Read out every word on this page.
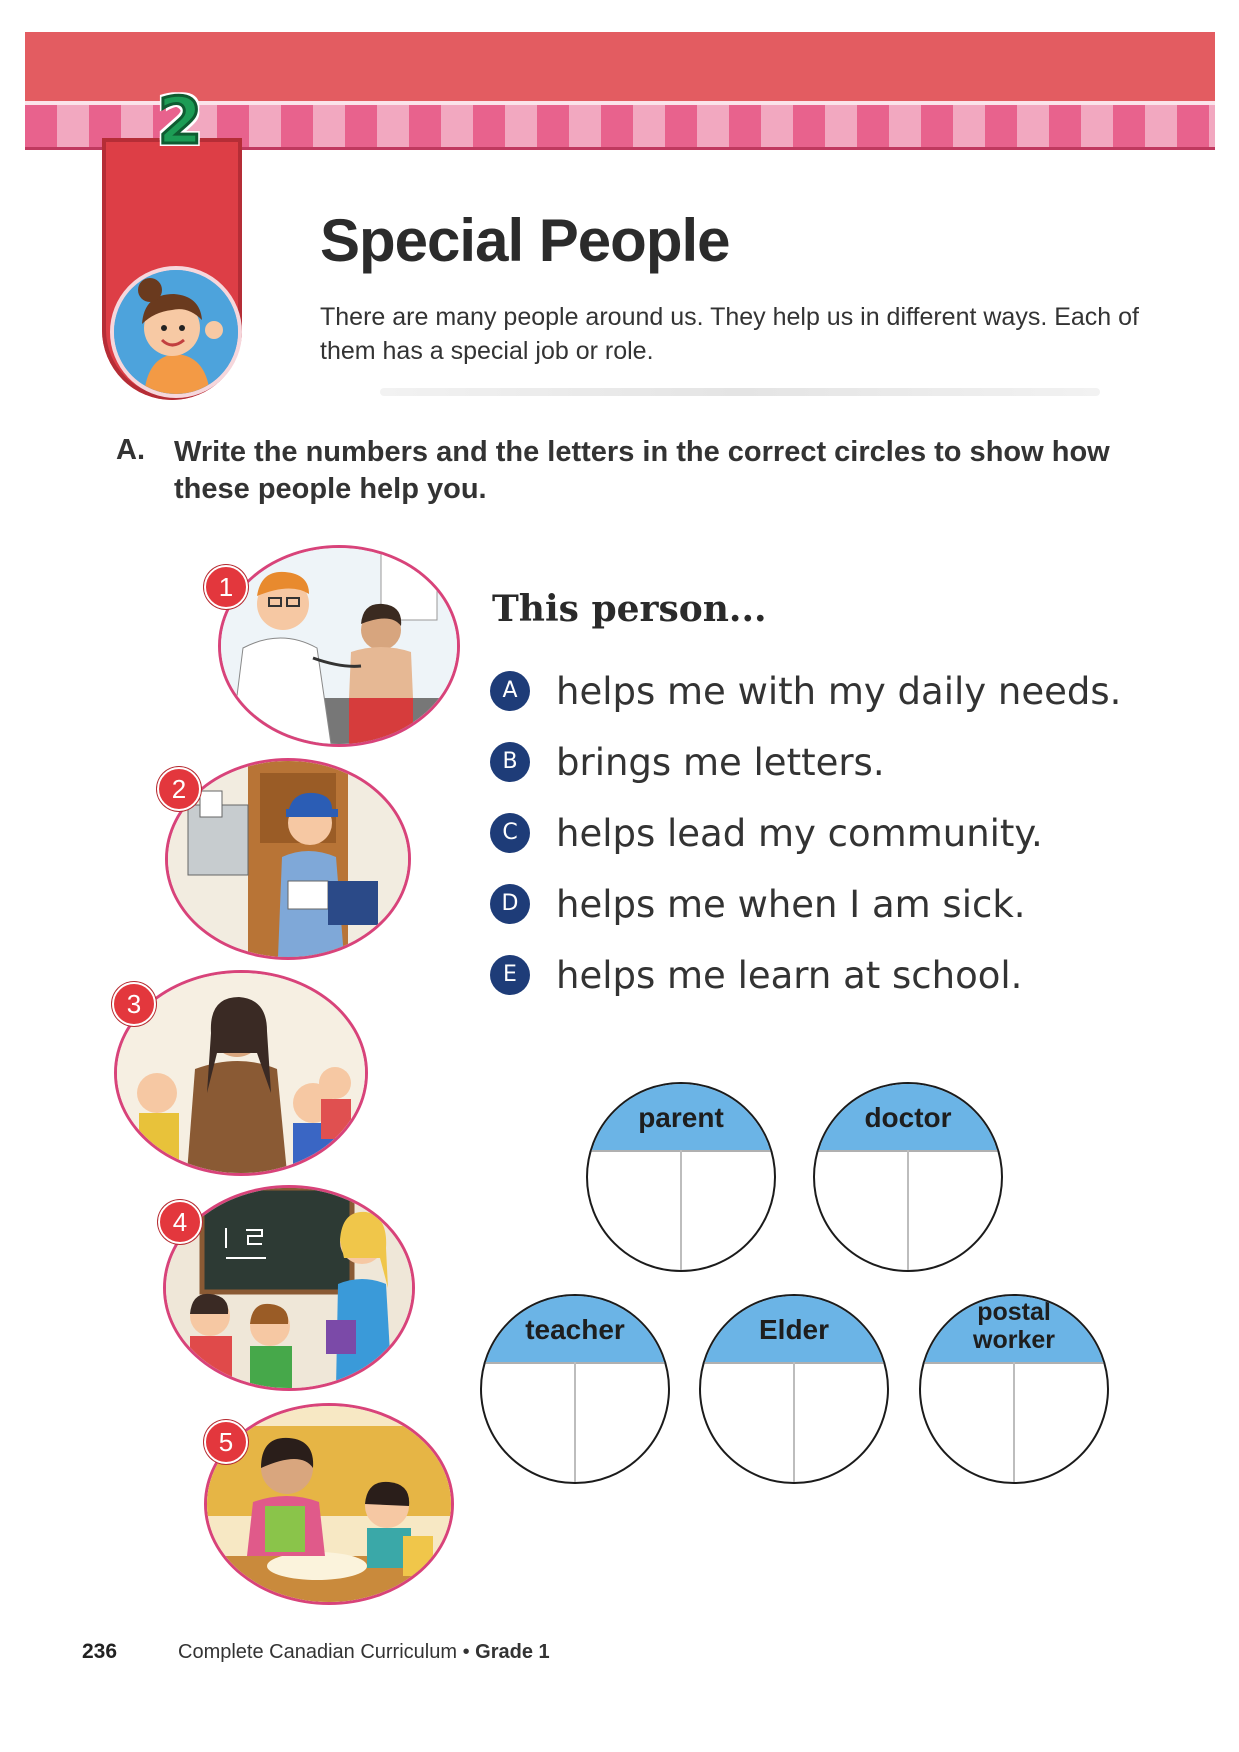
2
Special People
There are many people around us. They help us in different ways. Each of them has a special job or role.
A. Write the numbers and the letters in the correct circles to show how these people help you.
1
2
3
4
5
This person...
A	helps me with my daily needs.
B	brings me letters.
C	helps lead my community.
D	helps me when I am sick.
E	helps me learn at school.
parent	doctor
teacher	Elder
postal
worker
236	Complete Canadian Curriculum • Grade 1
